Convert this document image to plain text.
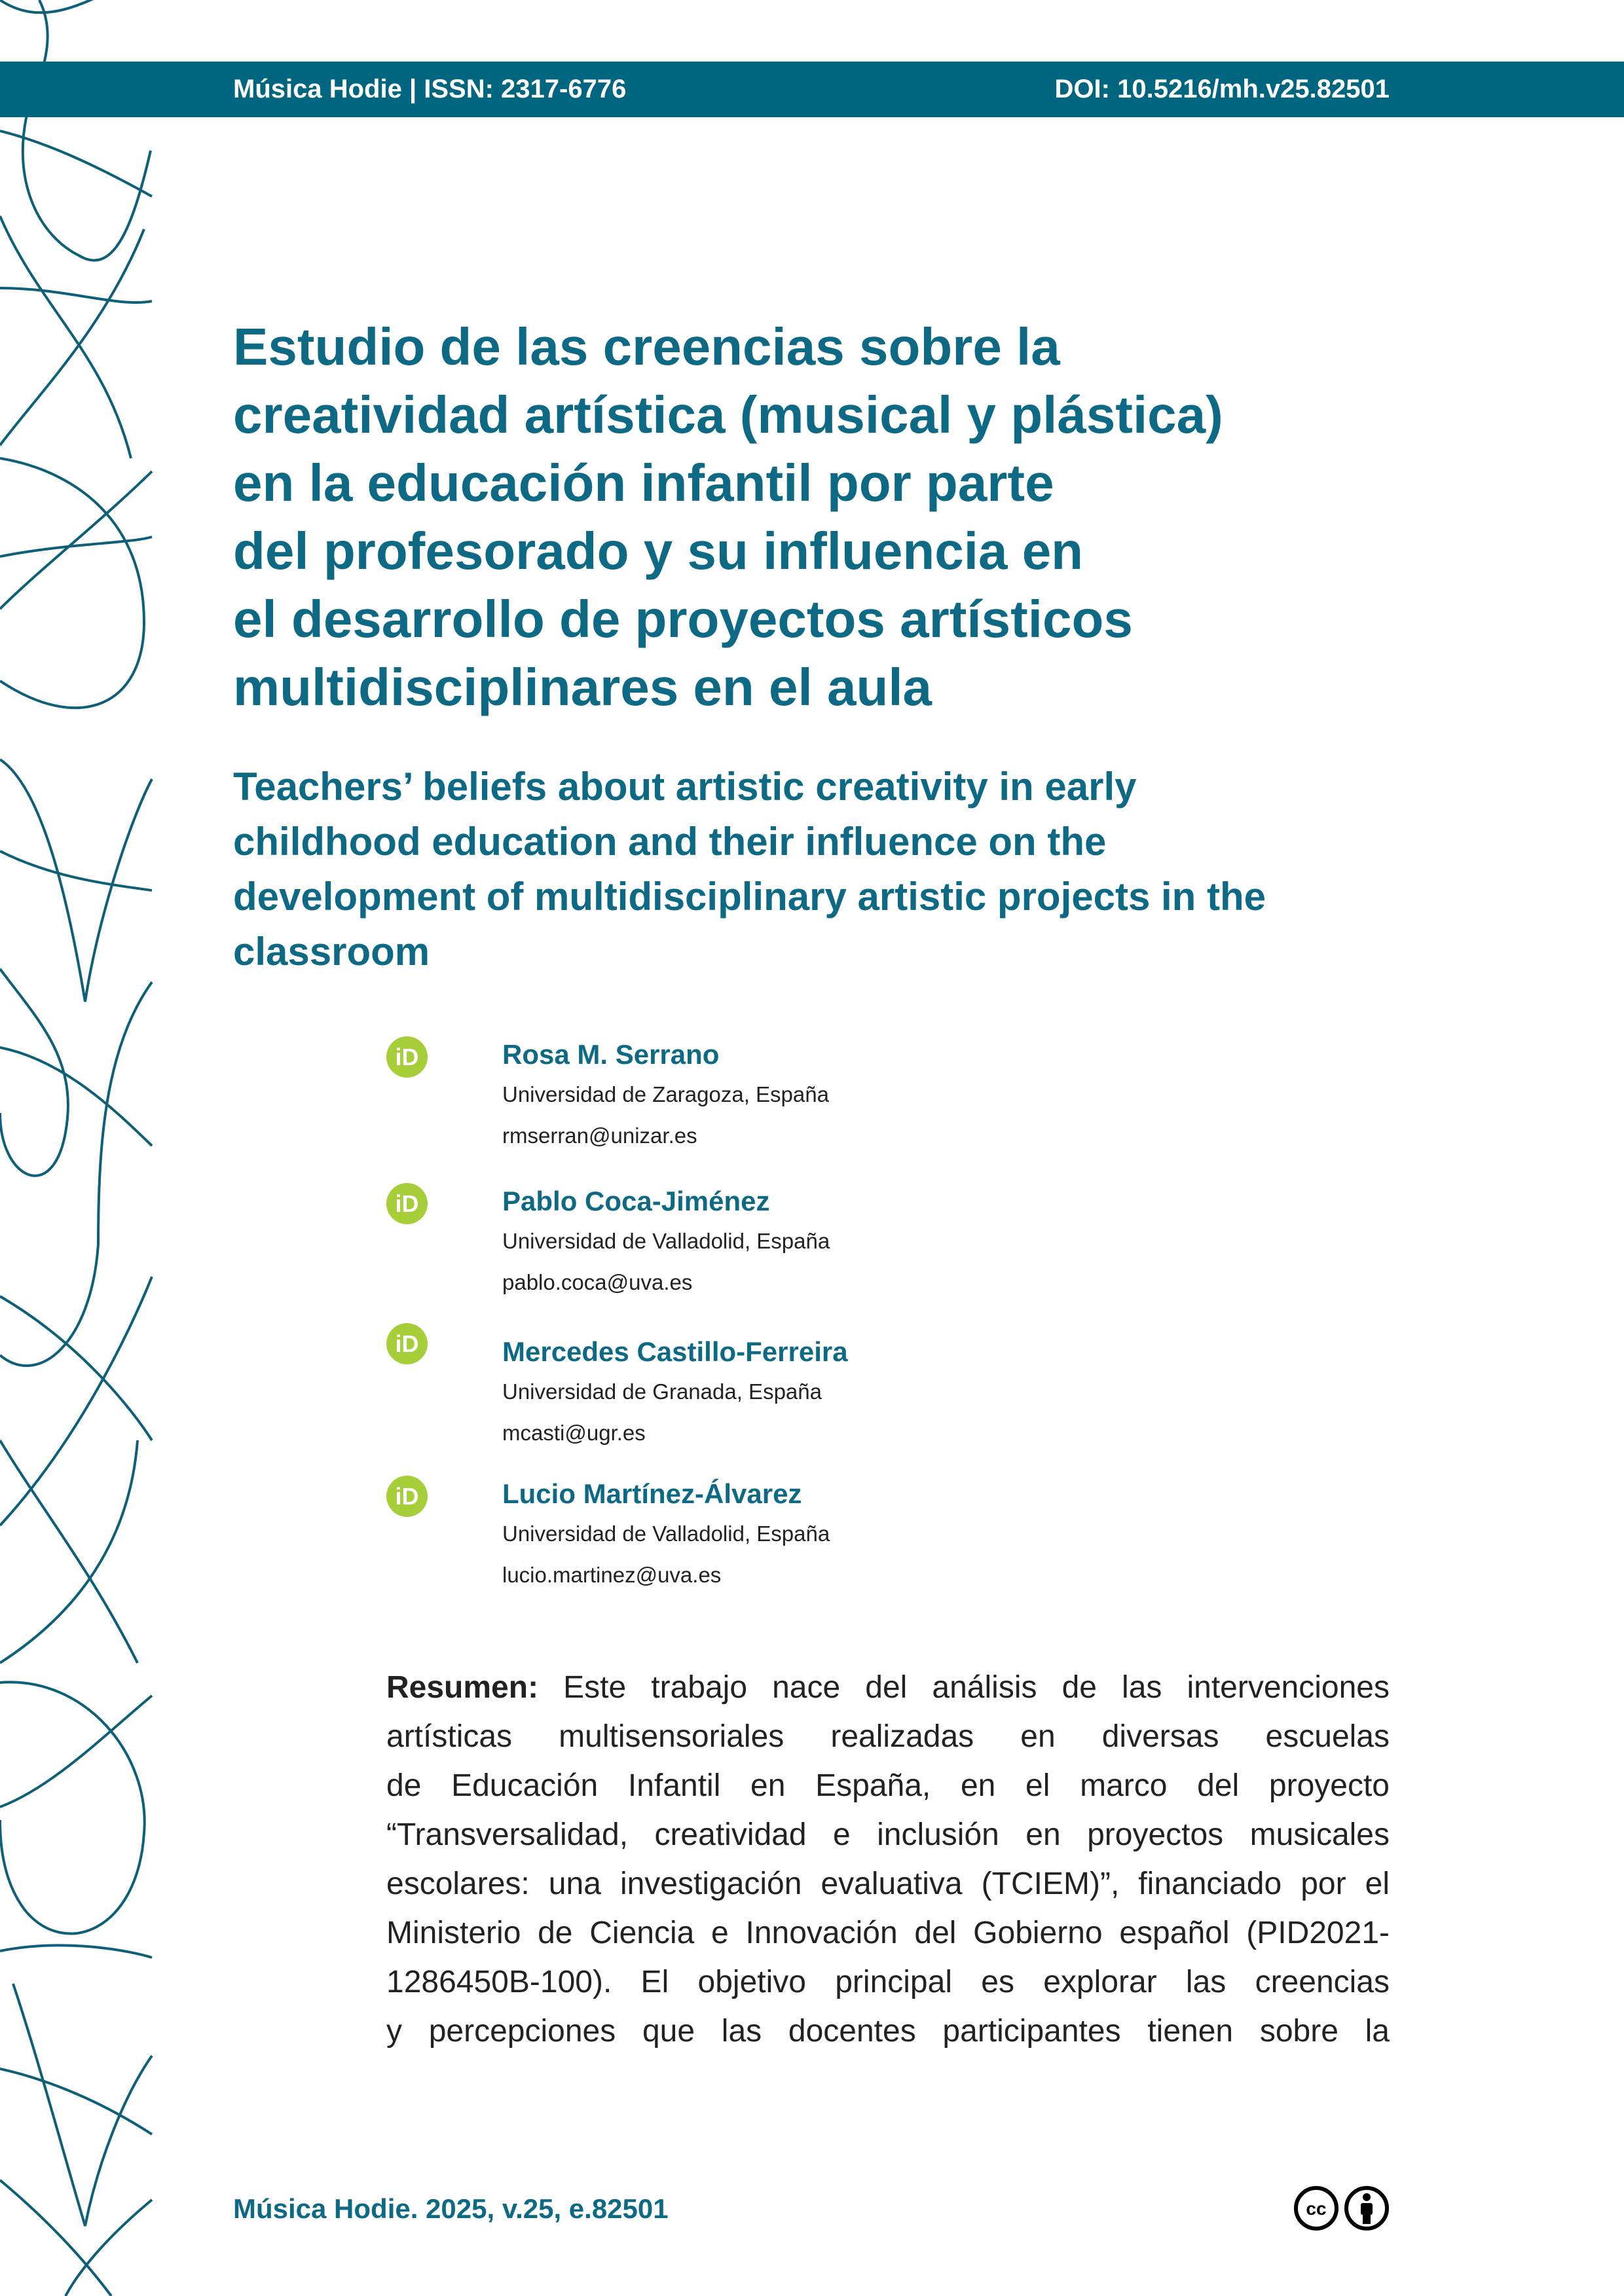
Música Hodie | ISSN: 2317-6776	DOI: 10.5216/mh.v25.82501
Estudio de las creencias sobre la
creatividad artística (musical y plástica)
en la educación infantil por parte
del profesorado y su influencia en
el desarrollo de proyectos artísticos
multidisciplinares en el aula
Teachers’ beliefs about artistic creativity in early
childhood education and their influence on the
development of multidisciplinary artistic projects in the
classroom
iD	Rosa M. Serrano
Universidad de Zaragoza, España
rmserran@unizar.es
iD	Pablo Coca-Jiménez
Universidad de Valladolid, España
pablo.coca@uva.es
iD	Mercedes Castillo-Ferreira
Universidad de Granada, España
mcasti@ugr.es
iD	Lucio Martínez-Álvarez
Universidad de Valladolid, España
lucio.martinez@uva.es
Resumen: Este trabajo nace del análisis de las intervenciones
artísticas multisensoriales realizadas en diversas escuelas
de Educación Infantil en España, en el marco del proyecto
“Transversalidad, creatividad e inclusión en proyectos musicales
escolares: una investigación evaluativa (TCIEM)”, financiado por el
Ministerio de Ciencia e Innovación del Gobierno español (PID2021-
1286450B-100). El objetivo principal es explorar las creencias
y percepciones que las docentes participantes tienen sobre la
Música Hodie. 2025, v.25, e.82501	cc
